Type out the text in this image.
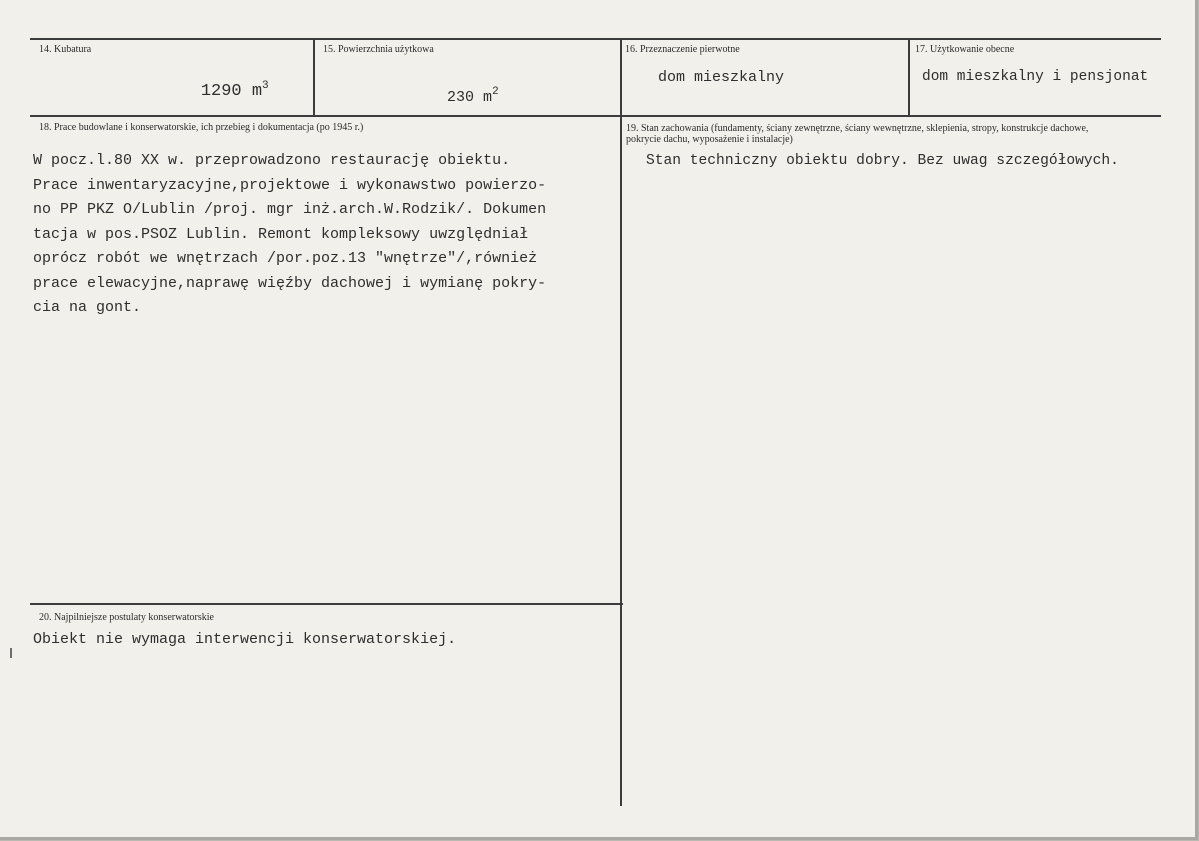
14. Kubatura

1290 $m^3$

15. Powierzchnia użytkowa

230 $m^2$

16. Przeznaczenie pierwotne
dom mieszkalny
17. Użytkowanie obecne
dom mieszkalny i pensjonat
18. Prace budowlane i konserwatorskie, ich przebieg i dokumentacja (po 1945 r.)
W pocz.l.80 XX w. przeprowadzono restaurację obiektu.
Prace inwentaryzacyjne,projektowe i wykonawstwo powierzo-
no PP PKZ O/Lublin /proj. mgr inż.arch.W.Rodzik/. Dokumen
tacja w pos.PSOZ Lublin. Remont kompleksowy uwzględniał
oprócz robót we wnętrzach /por.poz.13 "wnętrze"/,również
prace elewacyjne,naprawę więźby dachowej i wymianę pokry-
cia na gont.
19. Stan zachowania (fundamenty, ściany zewnętrzne, ściany wewnętrzne, sklepienia, stropy, konstrukcje dachowe,
pokrycie dachu, wyposażenie i instalacje)
Stan techniczny obiektu dobry. Bez uwag szczegółowych.
20. Najpilniejsze postulaty konserwatorskie
Obiekt nie wymaga interwencji konserwatorskiej.
